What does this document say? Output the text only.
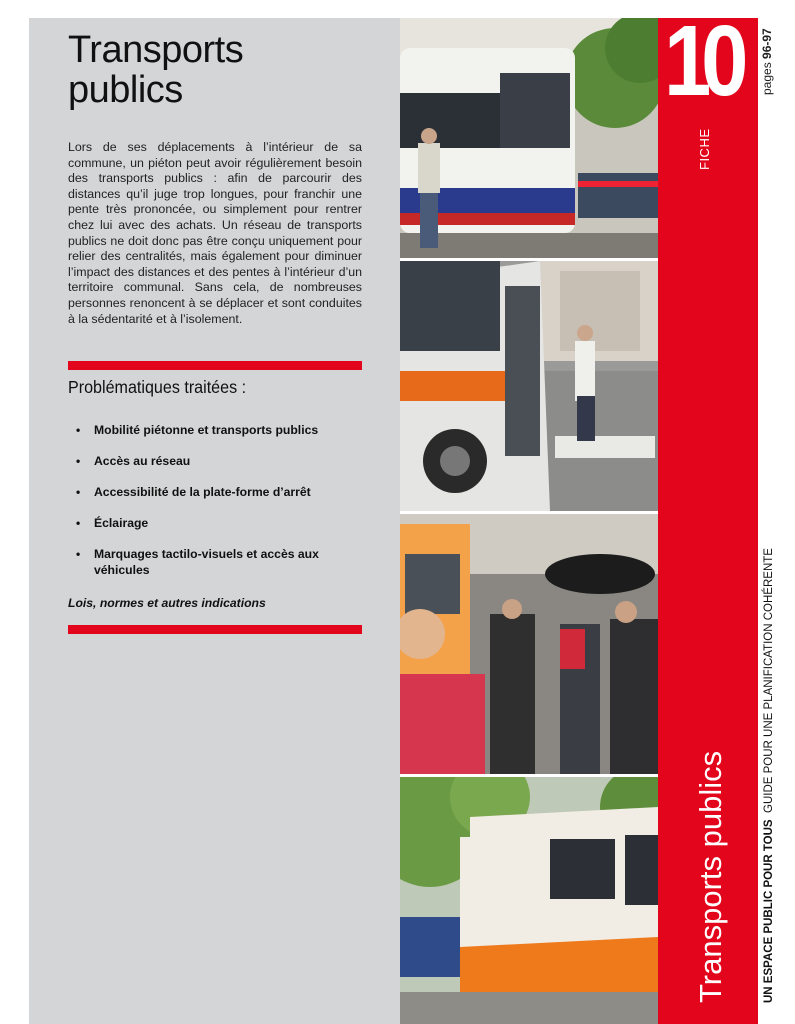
Transports
publics

Lors de ses déplacements à l’intérieur de sa commune, un piéton peut avoir régulièrement besoin des transports publics : afin de parcourir des distances qu’il juge trop longues, pour franchir une pente très prononcée, ou simplement pour rentrer chez lui avec des achats. Un réseau de transports publics ne doit donc pas être conçu uniquement pour relier des centralités, mais également pour diminuer l’impact des distances et des pentes à l’intérieur d’un territoire communal. Sans cela, de nombreuses personnes renoncent à se déplacer et sont conduites à la sédentarité et à l’isolement.

Problématiques traitées :
• Mobilité piétonne et transports publics
• Accès au réseau
• Accessibilité de la plate-forme d’arrêt
• Éclairage
• Marquages tactilo-visuels et accès aux véhicules
Lois, normes et autres indications
10
FICHE
Transports publics
pages 96-97
UN ESPACE PUBLIC POUR TOUS  GUIDE POUR UNE PLANIFICATION COHÉRENTE
